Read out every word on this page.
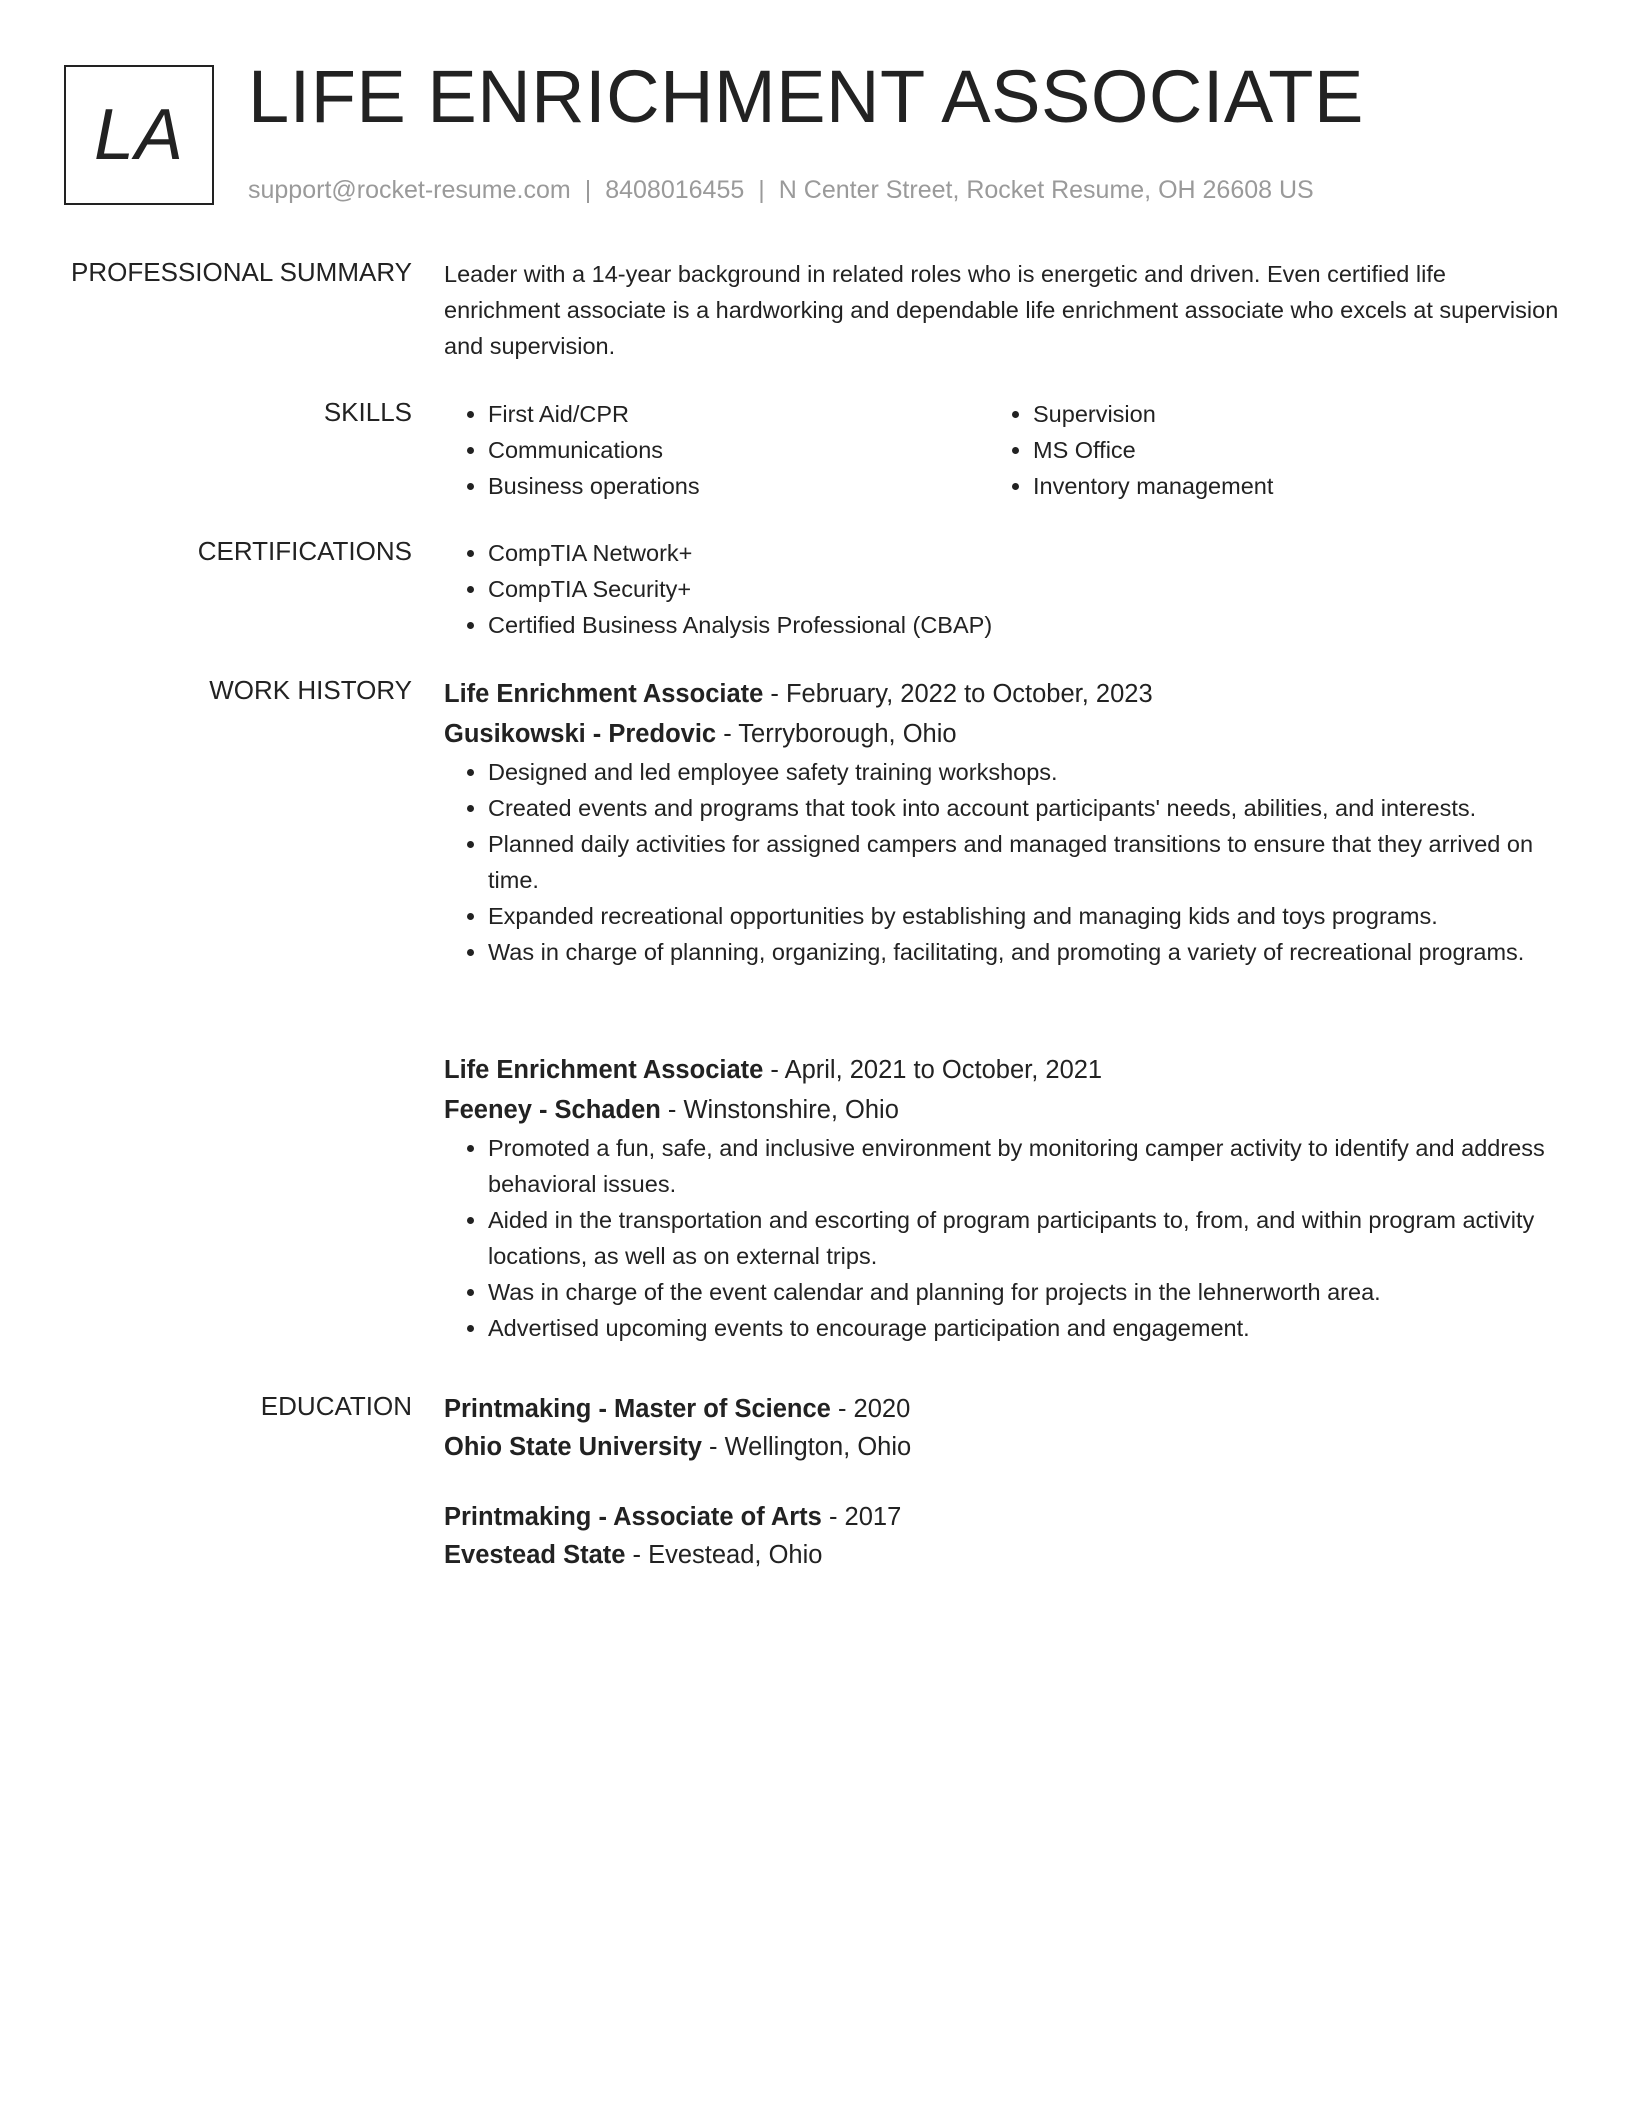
LA LIFE ENRICHMENT ASSOCIATE
support@rocket-resume.com | 8408016455 | N Center Street, Rocket Resume, OH 26608 US
PROFESSIONAL SUMMARY Leader with a 14-year background in related roles who is energetic and driven. Even certified life enrichment associate is a hardworking and dependable life enrichment associate who excels at supervision and supervision.

SKILLS	• First Aid/CPR
• Communications
• Business operations
• Supervision
• MS Office
• Inventory management
CERTIFICATIONS	• CompTIA Network+
• CompTIA Security+
• Certified Business Analysis Professional (CBAP)
WORK HISTORY Life Enrichment Associate - February, 2022 to October, 2023
Gusikowski - Predovic - Terryborough, Ohio
• Designed and led employee safety training workshops.
• Created events and programs that took into account participants' needs, abilities, and interests.
• Planned daily activities for assigned campers and managed transitions to ensure that they arrived on time.
• Expanded recreational opportunities by establishing and managing kids and toys programs.
• Was in charge of planning, organizing, facilitating, and promoting a variety of recreational programs.
Life Enrichment Associate - April, 2021 to October, 2021
Feeney - Schaden - Winstonshire, Ohio
• Promoted a fun, safe, and inclusive environment by monitoring camper activity to identify and address behavioral issues.
• Aided in the transportation and escorting of program participants to, from, and within program activity locations, as well as on external trips.
• Was in charge of the event calendar and planning for projects in the lehnerworth area.
• Advertised upcoming events to encourage participation and engagement.
EDUCATION Printmaking - Master of Science - 2020
Ohio State University - Wellington, Ohio
Printmaking - Associate of Arts - 2017
Evestead State - Evestead, Ohio
